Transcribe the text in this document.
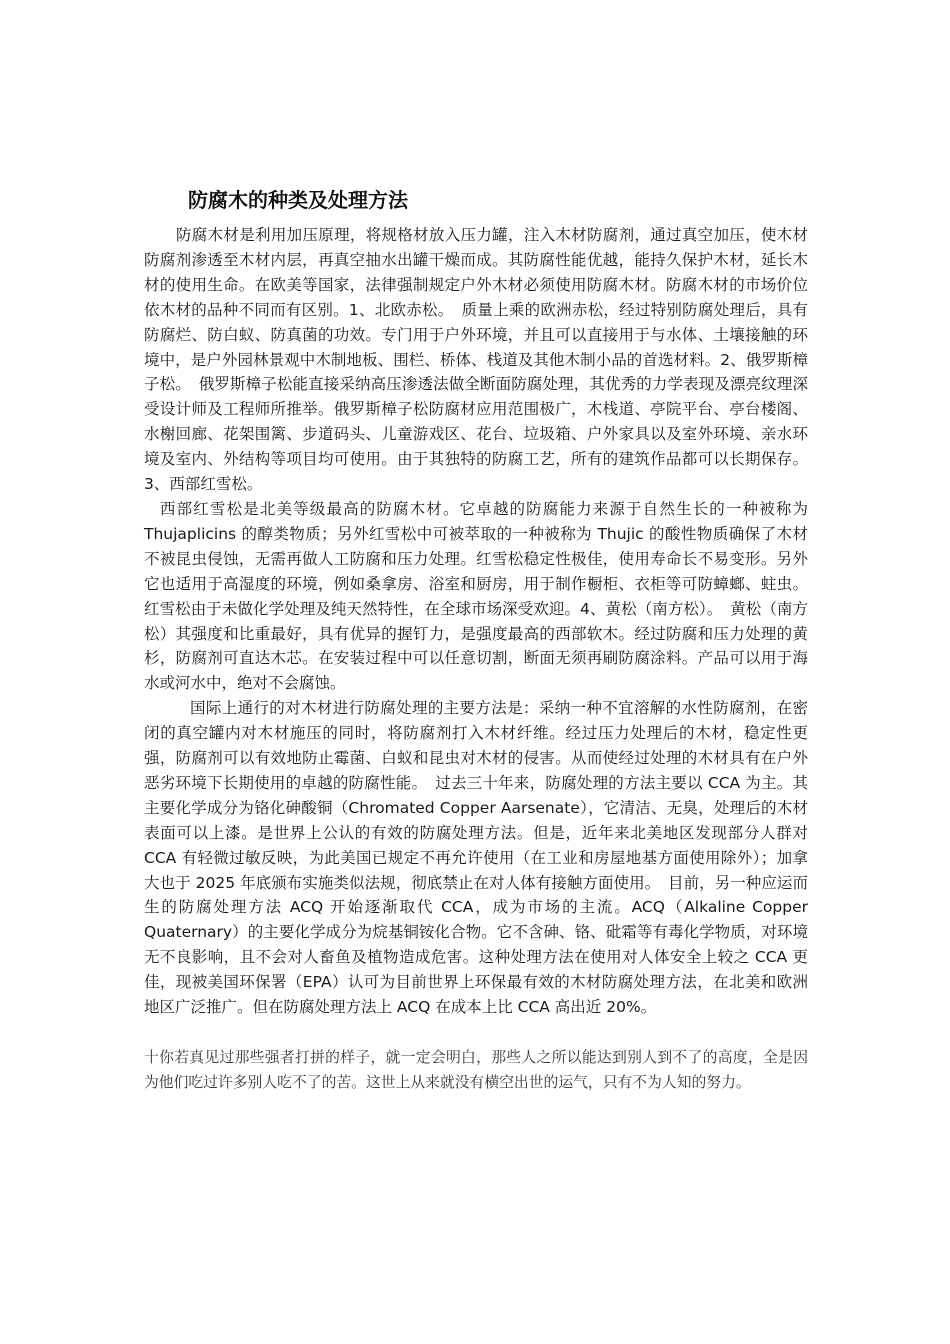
防腐木的种类及处理方法

防腐木材是利用加压原理，将规格材放入压力罐，注入木材防腐剂，通过真空加压，使木材防腐剂渗透至木材内层，再真空抽水出罐干燥而成。其防腐性能优越，能持久保护木材，延长木材的使用生命。在欧美等国家，法律强制规定户外木材必须使用防腐木材。防腐木材的市场价位依木材的品种不同而有区别。1、北欧赤松。　质量上乘的欧洲赤松，经过特别防腐处理后，具有防腐烂、防白蚁、防真菌的功效。专门用于户外环境，并且可以直接用于与水体、土壤接触的环境中，是户外园林景观中木制地板、围栏、桥体、栈道及其他木制小品的首选材料。2、俄罗斯樟子松。　俄罗斯樟子松能直接采纳高压渗透法做全断面防腐处理，其优秀的力学表现及漂亮纹理深受设计师及工程师所推举。俄罗斯樟子松防腐材应用范围极广，木栈道、亭院平台、亭台楼阁、水榭回廊、花架围篱、步道码头、儿童游戏区、花台、垃圾箱、户外家具以及室外环境、亲水环境及室内、外结构等项目均可使用。由于其独特的防腐工艺，所有的建筑作品都可以长期保存。 3、西部红雪松。

西部红雪松是北美等级最高的防腐木材。它卓越的防腐能力来源于自然生长的一种被称为 Thujaplicins 的醇类物质；另外红雪松中可被萃取的一种被称为 Thujic 的酸性物质确保了木材不被昆虫侵蚀，无需再做人工防腐和压力处理。红雪松稳定性极佳，使用寿命长不易变形。另外它也适用于高湿度的环境，例如桑拿房、浴室和厨房，用于制作橱柜、衣柜等可防蟑螂、蛀虫。红雪松由于未做化学处理及纯天然特性，在全球市场深受欢迎。4、黄松（南方松）。　黄松（南方松）其强度和比重最好，具有优异的握钉力，是强度最高的西部软木。经过防腐和压力处理的黄杉，防腐剂可直达木芯。在安装过程中可以任意切割，断面无须再刷防腐涂料。产品可以用于海水或河水中，绝对不会腐蚀。

国际上通行的对木材进行防腐处理的主要方法是：采纳一种不宜溶解的水性防腐剂，在密闭的真空罐内对木材施压的同时，将防腐剂打入木材纤维。经过压力处理后的木材，稳定性更强，防腐剂可以有效地防止霉菌、白蚁和昆虫对木材的侵害。从而使经过处理的木材具有在户外恶劣环境下长期使用的卓越的防腐性能。　过去三十年来，防腐处理的方法主要以 CCA 为主。其主要化学成分为铬化砷酸铜（Chromated Copper Aarsenate），它清洁、无臭，处理后的木材表面可以上漆。是世界上公认的有效的防腐处理方法。但是，近年来北美地区发现部分人群对 CCA 有轻微过敏反映，为此美国已规定不再允许使用（在工业和房屋地基方面使用除外）；加拿大也于 2025 年底颁布实施类似法规，彻底禁止在对人体有接触方面使用。　目前，另一种应运而生的防腐处理方法 ACQ 开始逐渐取代 CCA，成为市场的主流。ACQ（Alkaline Copper Quaternary）的主要化学成分为烷基铜铵化合物。它不含砷、铬、砒霜等有毒化学物质，对环境无不良影响，且不会对人畜鱼及植物造成危害。这种处理方法在使用对人体安全上较之 CCA 更佳，现被美国环保署（EPA）认可为目前世界上环保最有效的木材防腐处理方法，在北美和欧洲地区广泛推广。但在防腐处理方法上 ACQ 在成本上比 CCA 高出近 20%。

十你若真见过那些强者打拼的样子，就一定会明白，那些人之所以能达到别人到不了的高度，全是因为他们吃过许多别人吃不了的苦。这世上从来就没有横空出世的运气，只有不为人知的努力。
